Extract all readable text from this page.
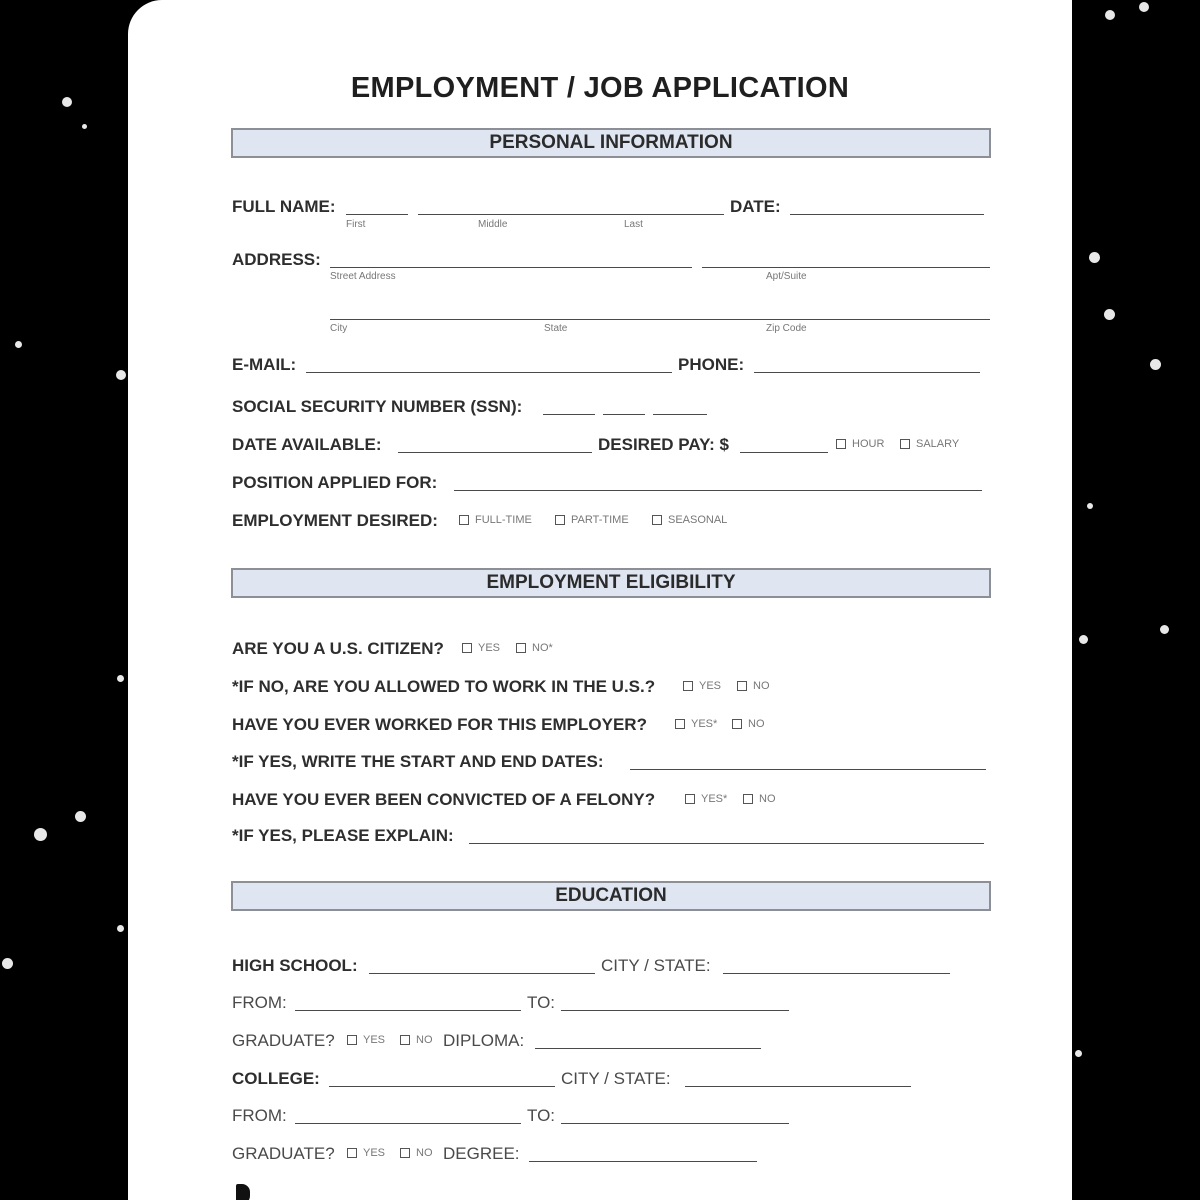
EMPLOYMENT / JOB APPLICATION
PERSONAL INFORMATION
FULL NAME:
First	Middle	Last
DATE:
ADDRESS:
Street Address	Apt/Suite
City	State	Zip Code
E-MAIL:	PHONE:
SOCIAL SECURITY NUMBER (SSN):
DATE AVAILABLE:	DESIRED PAY: $	HOUR	SALARY
POSITION APPLIED FOR:
EMPLOYMENT DESIRED:	FULL-TIME	PART-TIME	SEASONAL
EMPLOYMENT ELIGIBILITY
ARE YOU A U.S. CITIZEN?	YES	NO*
*IF NO, ARE YOU ALLOWED TO WORK IN THE U.S.?	YES	NO
HAVE YOU EVER WORKED FOR THIS EMPLOYER?	YES*	NO
*IF YES, WRITE THE START AND END DATES:
HAVE YOU EVER BEEN CONVICTED OF A FELONY?	YES*	NO
*IF YES, PLEASE EXPLAIN:
EDUCATION
HIGH SCHOOL:	CITY / STATE:
FROM:	TO:
GRADUATE?	YES	NO DIPLOMA:
COLLEGE:	CITY / STATE:
FROM:	TO:
GRADUATE?	YES	NO DEGREE:
